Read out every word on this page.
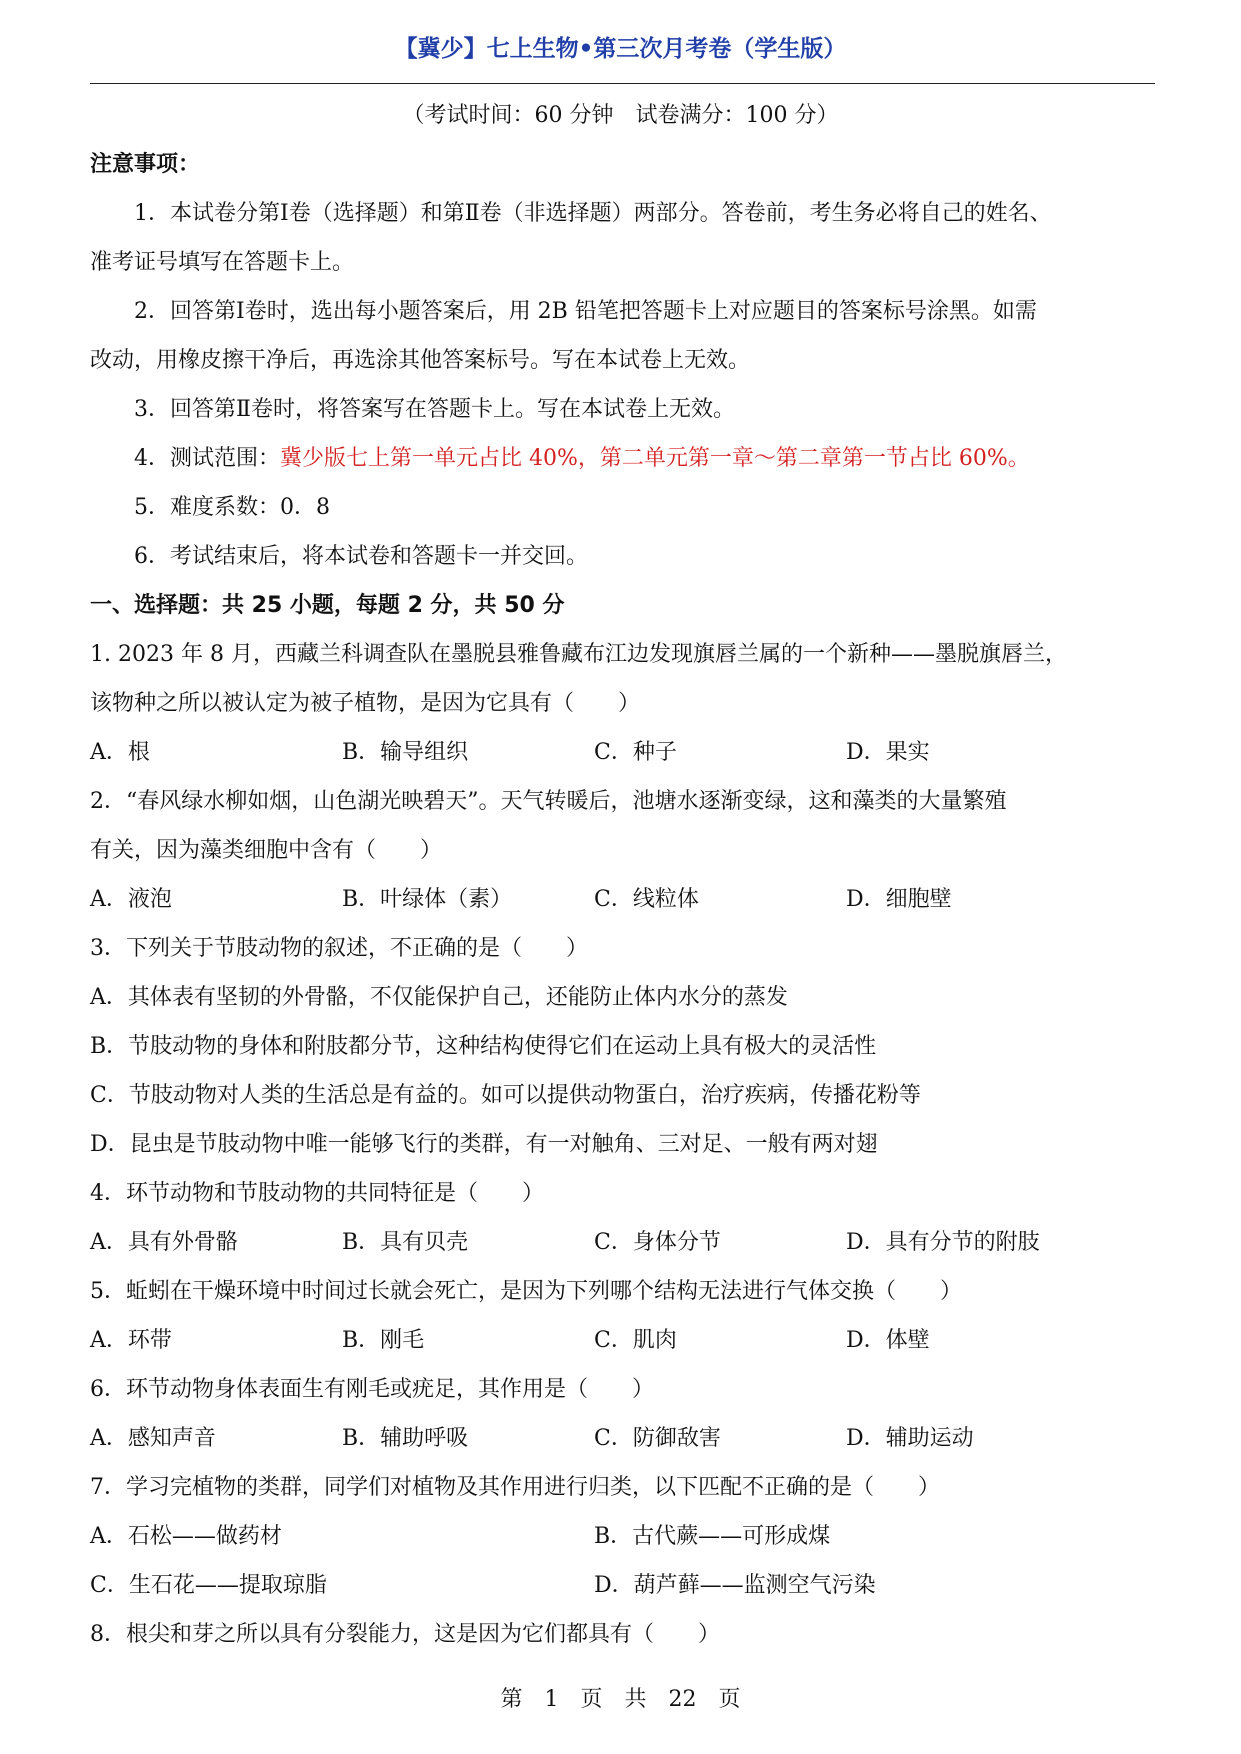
【冀少】七上生物•第三次月考卷（学生版）
（考试时间：60 分钟　试卷满分：100 分）
注意事项：
1．本试卷分第Ⅰ卷（选择题）和第Ⅱ卷（非选择题）两部分。答卷前，考生务必将自己的姓名、
准考证号填写在答题卡上。
2．回答第Ⅰ卷时，选出每小题答案后，用 2B 铅笔把答题卡上对应题目的答案标号涂黑。如需
改动，用橡皮擦干净后，再选涂其他答案标号。写在本试卷上无效。
3．回答第Ⅱ卷时，将答案写在答题卡上。写在本试卷上无效。
4．测试范围：冀少版七上第一单元占比 40%，第二单元第一章～第二章第一节占比 60%。
5．难度系数：0．8
6．考试结束后，将本试卷和答题卡一并交回。
一、选择题：共 25 小题，每题 2 分，共 50 分
1. 2023 年 8 月，西藏兰科调查队在墨脱县雅鲁藏布江边发现旗唇兰属的一个新种——墨脱旗唇兰，
该物种之所以被认定为被子植物，是因为它具有（　　）
A．根	B．输导组织	C．种子	D．果实
2．“春风绿水柳如烟，山色湖光映碧天”。天气转暖后，池塘水逐渐变绿，这和藻类的大量繁殖
有关，因为藻类细胞中含有（　　）
A．液泡	B．叶绿体（素）	C．线粒体	D．细胞壁
3．下列关于节肢动物的叙述，不正确的是（　　）
A．其体表有坚韧的外骨骼，不仅能保护自己，还能防止体内水分的蒸发
B．节肢动物的身体和附肢都分节，这种结构使得它们在运动上具有极大的灵活性
C．节肢动物对人类的生活总是有益的。如可以提供动物蛋白，治疗疾病，传播花粉等
D．昆虫是节肢动物中唯一能够飞行的类群，有一对触角、三对足、一般有两对翅
4．环节动物和节肢动物的共同特征是（　　）
A．具有外骨骼	B．具有贝壳	C．身体分节	D．具有分节的附肢
5．蚯蚓在干燥环境中时间过长就会死亡，是因为下列哪个结构无法进行气体交换（　　）
A．环带	B．刚毛	C．肌肉	D．体壁
6．环节动物身体表面生有刚毛或疣足，其作用是（　　）
A．感知声音	B．辅助呼吸	C．防御敌害	D．辅助运动
7．学习完植物的类群，同学们对植物及其作用进行归类，以下匹配不正确的是（　　）
A．石松——做药材	B．古代蕨——可形成煤
C．生石花——提取琼脂	D．葫芦藓——监测空气污染
8．根尖和芽之所以具有分裂能力，这是因为它们都具有（　　）
第　1　页　共　22　页
